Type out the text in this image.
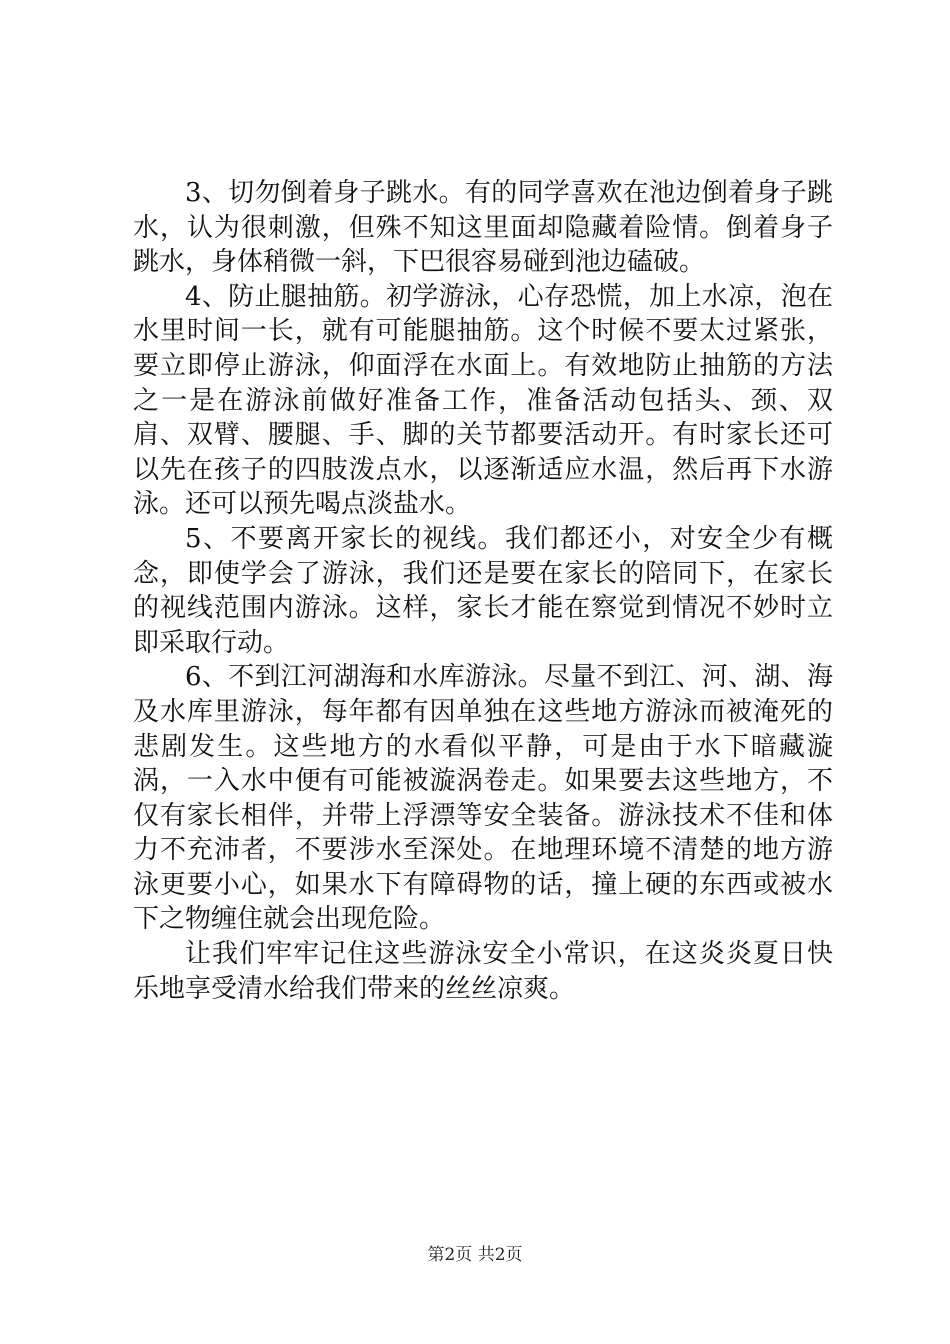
3、切勿倒着身子跳水。有的同学喜欢在池边倒着身子跳水，认为很刺激，但殊不知这里面却隐藏着险情。倒着身子跳水，身体稍微一斜，下巴很容易碰到池边磕破。

4、防止腿抽筋。初学游泳，心存恐慌，加上水凉，泡在水里时间一长，就有可能腿抽筋。这个时候不要太过紧张，要立即停止游泳，仰面浮在水面上。有效地防止抽筋的方法之一是在游泳前做好准备工作，准备活动包括头、颈、双肩、双臂、腰腿、手、脚的关节都要活动开。有时家长还可以先在孩子的四肢泼点水，以逐渐适应水温，然后再下水游泳。还可以预先喝点淡盐水。

5、不要离开家长的视线。我们都还小，对安全少有概念，即使学会了游泳，我们还是要在家长的陪同下，在家长的视线范围内游泳。这样，家长才能在察觉到情况不妙时立即采取行动。

6、不到江河湖海和水库游泳。尽量不到江、河、湖、海及水库里游泳，每年都有因单独在这些地方游泳而被淹死的悲剧发生。这些地方的水看似平静，可是由于水下暗藏漩涡，一入水中便有可能被漩涡卷走。如果要去这些地方，不仅有家长相伴，并带上浮漂等安全装备。游泳技术不佳和体力不充沛者，不要涉水至深处。在地理环境不清楚的地方游泳更要小心，如果水下有障碍物的话，撞上硬的东西或被水下之物缠住就会出现危险。

让我们牢牢记住这些游泳安全小常识，在这炎炎夏日快乐地享受清水给我们带来的丝丝凉爽。

第2页 共2页
